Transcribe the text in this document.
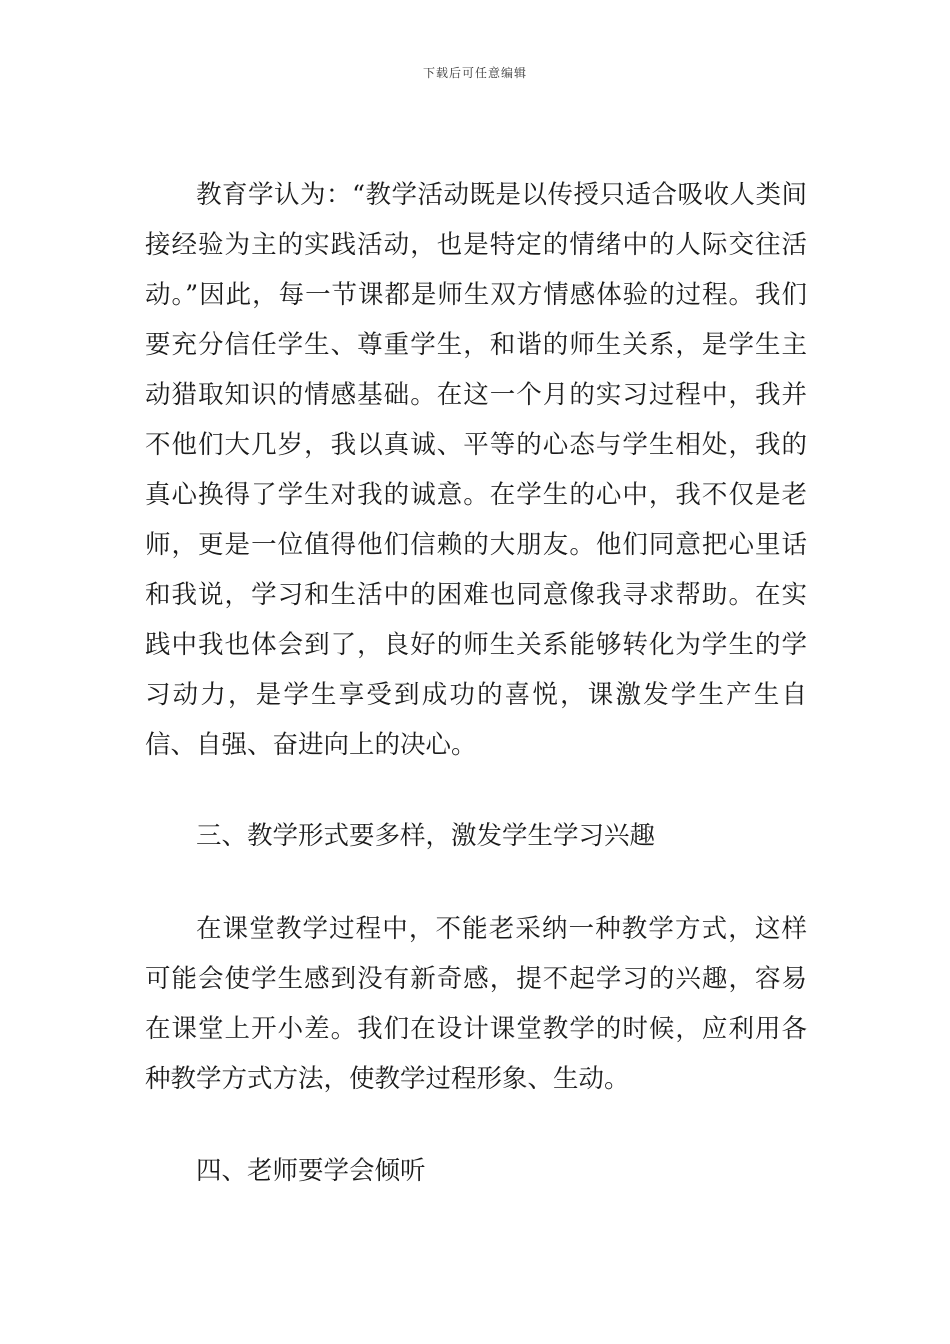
下载后可任意编辑

教育学认为：“教学活动既是以传授只适合吸收人类间接经验为主的实践活动，也是特定的情绪中的人际交往活动。”因此，每一节课都是师生双方情感体验的过程。我们要充分信任学生、尊重学生，和谐的师生关系，是学生主动猎取知识的情感基础。在这一个月的实习过程中，我并不他们大几岁，我以真诚、平等的心态与学生相处，我的真心换得了学生对我的诚意。在学生的心中，我不仅是老师，更是一位值得他们信赖的大朋友。他们同意把心里话和我说，学习和生活中的困难也同意像我寻求帮助。在实践中我也体会到了，良好的师生关系能够转化为学生的学习动力，是学生享受到成功的喜悦，课激发学生产生自信、自强、奋进向上的决心。

三、教学形式要多样，激发学生学习兴趣

在课堂教学过程中，不能老采纳一种教学方式，这样可能会使学生感到没有新奇感，提不起学习的兴趣，容易在课堂上开小差。我们在设计课堂教学的时候，应利用各种教学方式方法，使教学过程形象、生动。

四、老师要学会倾听
